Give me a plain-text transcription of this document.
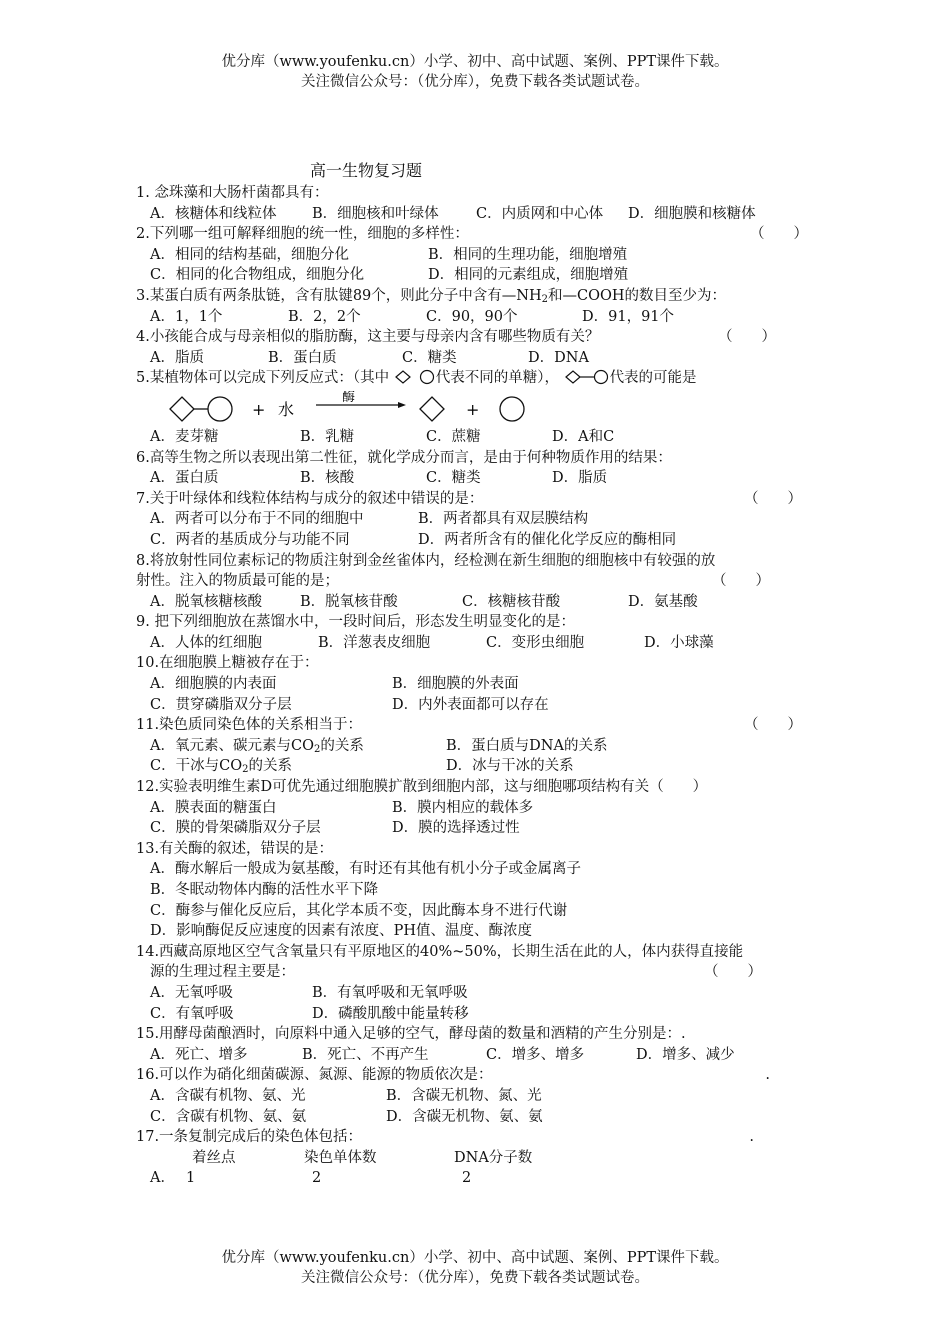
优分库（www.youfenku.cn）小学、初中、高中试题、案例、PPT课件下载。
关注微信公众号：（优分库），免费下载各类试题试卷。
高一生物复习题
1. 念珠藻和大肠杆菌都具有：
A．核糖体和线粒体 B．细胞核和叶绿体	C．内质网和中心体 D．细胞膜和核糖体
2.下列哪一组可解释细胞的统一性，细胞的多样性：	（　　）
A．相同的结构基础，细胞分化	B．相同的生理功能，细胞增殖
C．相同的化合物组成，细胞分化	D．相同的元素组成，细胞增殖
3.某蛋白质有两条肽链，含有肽键89个，则此分子中含有$—NH_2$和—COOH的数目至少为：
A．1，1个	B．2，2个	C．90，90个	D．91，91个
4.小孩能合成与母亲相似的脂肪酶，这主要与母亲内含有哪些物质有关？	（　　）
A．脂质	B．蛋白质	C．糖类	D．DNA
5.某植物体可以完成下列反应式：（其中	代表不同的单糖），	代表的可能是
+ 水
酶
+
A．麦芽糖	B．乳糖	C．蔗糖	D．A和C
6.高等生物之所以表现出第二性征，就化学成分而言，是由于何种物质作用的结果：
A．蛋白质	B．核酸	C．糖类	D．脂质
7.关于叶绿体和线粒体结构与成分的叙述中错误的是：	（　　）
A．两者可以分布于不同的细胞中	B．两者都具有双层膜结构
C．两者的基质成分与功能不同	D．两者所含有的催化化学反应的酶相同
8.将放射性同位素标记的物质注射到金丝雀体内，经检测在新生细胞的细胞核中有较强的放
射性。注入的物质最可能的是；	（　　）
A．脱氧核糖核酸	B．脱氧核苷酸	C．核糖核苷酸	D．氨基酸
9. 把下列细胞放在蒸馏水中，一段时间后，形态发生明显变化的是：
A．人体的红细胞	B．洋葱表皮细胞	C．变形虫细胞	D．小球藻
10.在细胞膜上糖被存在于：
A．细胞膜的内表面	B．细胞膜的外表面
C．贯穿磷脂双分子层	D．内外表面都可以存在
11.染色质同染色体的关系相当于：	（　　）
A．氧元素、碳元素与$CO_2$的关系	B．蛋白质与DNA的关系
C．干冰与$CO_2$的关系	D．冰与干冰的关系
12.实验表明维生素D可优先通过细胞膜扩散到细胞内部，这与细胞哪项结构有关（　　）
A．膜表面的糖蛋白	B．膜内相应的载体多
C．膜的骨架磷脂双分子层	D．膜的选择透过性
13.有关酶的叙述，错误的是：
A．酶水解后一般成为氨基酸，有时还有其他有机小分子或金属离子
B．冬眠动物体内酶的活性水平下降
C．酶参与催化反应后，其化学本质不变，因此酶本身不进行代谢
D．影响酶促反应速度的因素有浓度、PH值、温度、酶浓度
14.西藏高原地区空气含氧量只有平原地区的40%~50%，长期生活在此的人，体内获得直接能
源的生理过程主要是：	（　　）
A．无氧呼吸	B．有氧呼吸和无氧呼吸
C．有氧呼吸	D．磷酸肌酸中能量转移
15.用酵母菌酿酒时，向原料中通入足够的空气，酵母菌的数量和酒精的产生分别是：.
A．死亡、增多	B．死亡、不再产生	C．增多、增多	D．增多、减少
16.可以作为硝化细菌碳源、氮源、能源的物质依次是：	.
A．含碳有机物、氨、光	B．含碳无机物、氮、光
C．含碳有机物、氨、氨	D．含碳无机物、氨、氨
17.一条复制完成后的染色体包括：	.
着丝点	染色单体数	DNA分子数
A． 1	2	2
优分库（www.youfenku.cn）小学、初中、高中试题、案例、PPT课件下载。
关注微信公众号：（优分库），免费下载各类试题试卷。
